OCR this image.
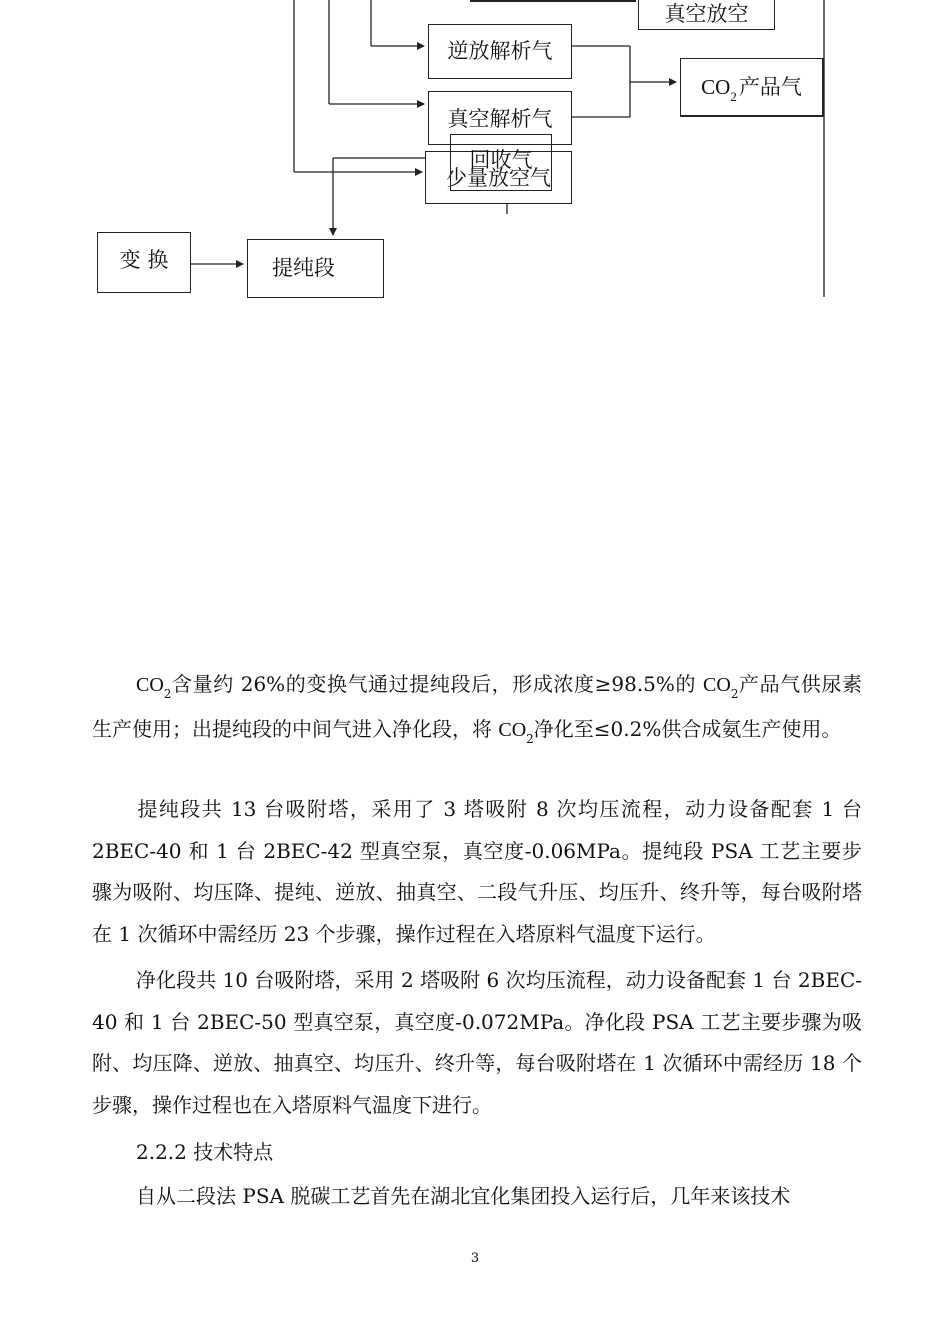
真空放空
逆放解析气
真空解析气
少量放空气
回收气
CO 2 产品气
变 换	提纯段

$CO_2$含量约 26%的变换气通过提纯段后，形成浓度≥98.5%的 $CO_2$产品气供尿素生产使用；出提纯段的中间气进入净化段，将 $CO_2$净化至≤0.2%供合成氨生产使用。

提纯段共 13 台吸附塔，采用了 3 塔吸附 8 次均压流程，动力设备配套 1 台 2BEC-40 和 1 台 2BEC-42 型真空泵，真空度-0.06MPa。提纯段 PSA 工艺主要步骤为吸附、均压降、提纯、逆放、抽真空、二段气升压、均压升、终升等，每台吸附塔在 1 次循环中需经历 23 个步骤，操作过程在入塔原料气温度下运行。

净化段共 10 台吸附塔，采用 2 塔吸附 6 次均压流程，动力设备配套 1 台 2BEC-40 和 1 台 2BEC-50 型真空泵，真空度-0.072MPa。净化段 PSA 工艺主要步骤为吸附、均压降、逆放、抽真空、均压升、终升等，每台吸附塔在 1 次循环中需经历 18 个步骤，操作过程也在入塔原料气温度下进行。

2.2.2 技术特点

自从二段法 PSA 脱碳工艺首先在湖北宜化集团投入运行后，几年来该技术

3
